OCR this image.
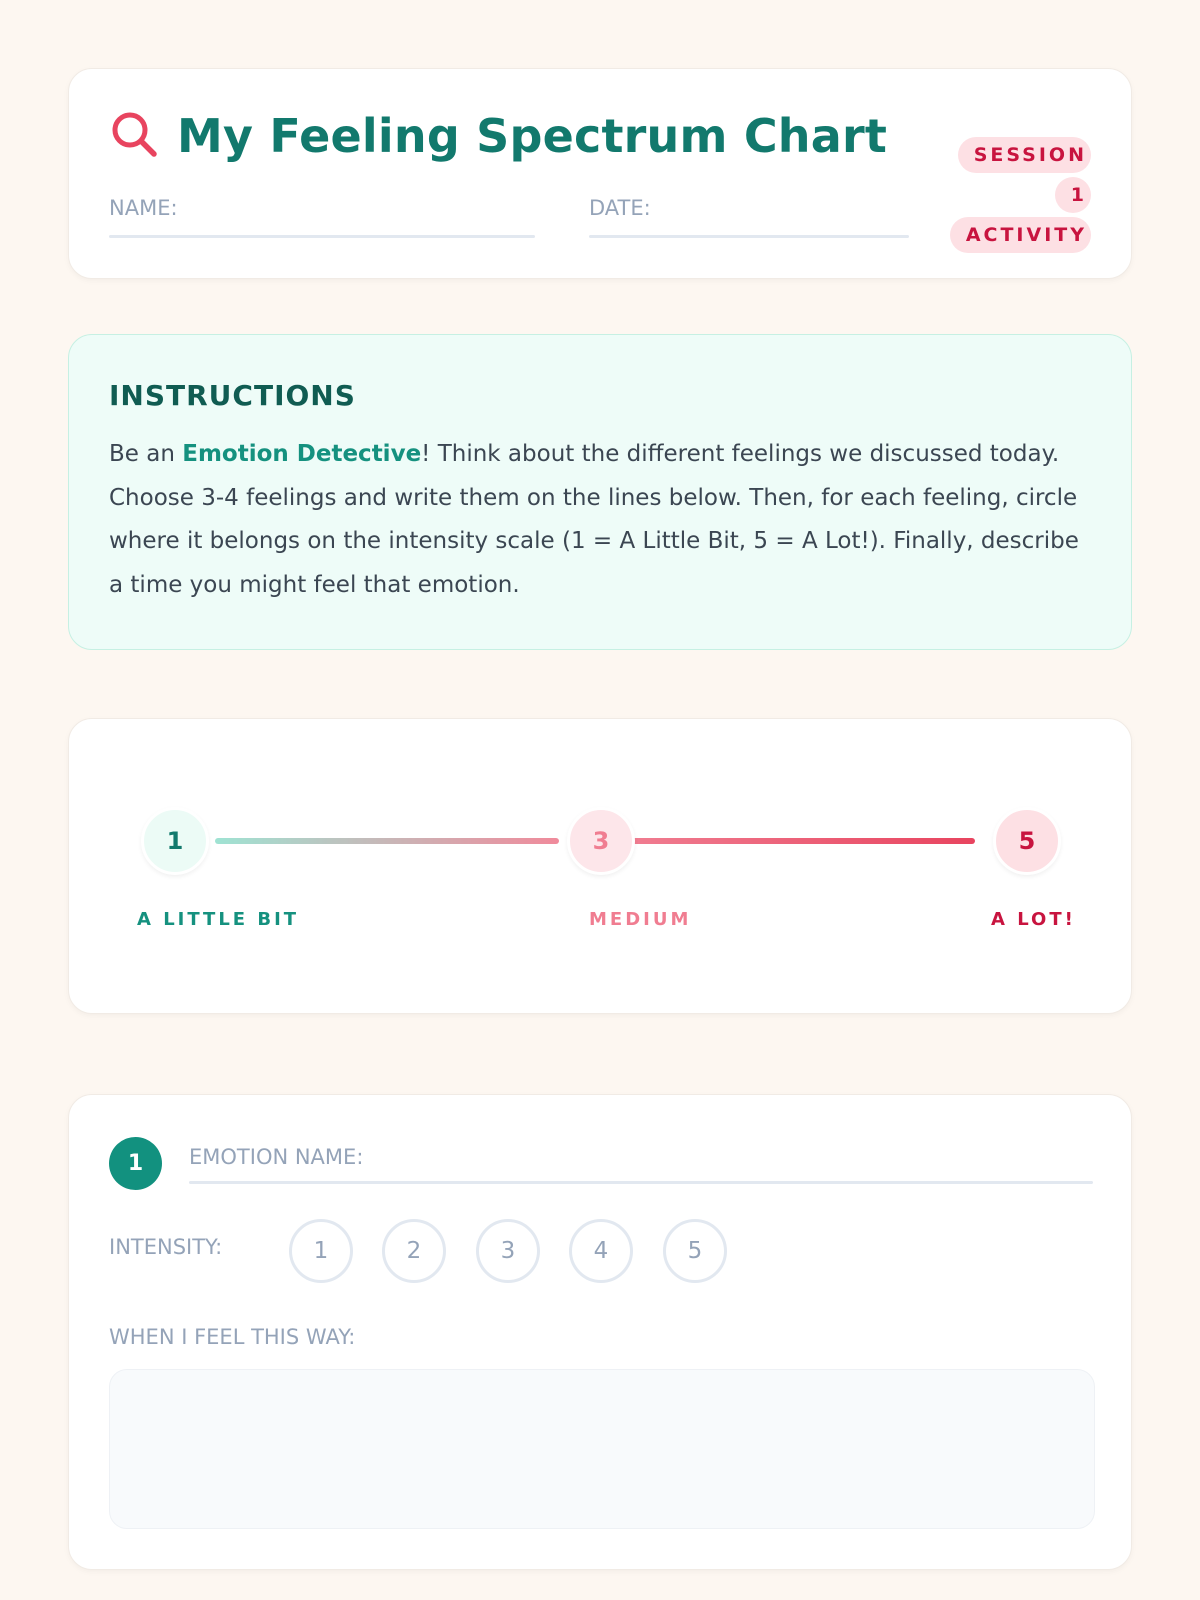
My Feeling Spectrum Chart	SESSION 1 ACTIVITY
NAME:	DATE:
INSTRUCTIONS
Be an Emotion Detective! Think about the different feelings we discussed today. Choose 3-4 feelings and write them on the lines below. Then, for each feeling, circle where it belongs on the intensity scale (1 = A Little Bit, 5 = A Lot!). Finally, describe a time you might feel that emotion.
1	3	5
A LITTLE BIT	MEDIUM	A LOT!
1	EMOTION NAME:
INTENSITY:	1	2	3	4	5
WHEN I FEEL THIS WAY:
